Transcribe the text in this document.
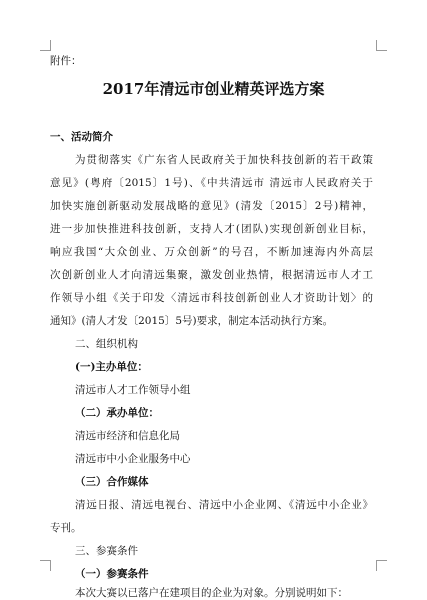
附件：
2017年清远市创业精英评选方案
一、活动简介
为贯彻落实《广东省人民政府关于加快科技创新的若干政策
意见》(粤府〔2015〕1号)、《中共清远市 清远市人民政府关于
加快实施创新驱动发展战略的意见》(清发〔2015〕2号)精神，
进一步加快推进科技创新，支持人才(团队)实现创新创业目标，
响应我国“大众创业、万众创新”的号召，不断加速海内外高层
次创新创业人才向清远集聚，激发创业热情，根据清远市人才工
作领导小组《关于印发〈清远市科技创新创业人才资助计划〉的
通知》(清人才发〔2015〕5号)要求，制定本活动执行方案。
二、组织机构
(一)主办单位：
清远市人才工作领导小组
（二）承办单位：
清远市经济和信息化局
清远市中小企业服务中心
（三）合作媒体
清远日报、清远电视台、清远中小企业网、《清远中小企业》
专刊。
三、参赛条件
（一）参赛条件
本次大赛以已落户在建项目的企业为对象。分别说明如下：
